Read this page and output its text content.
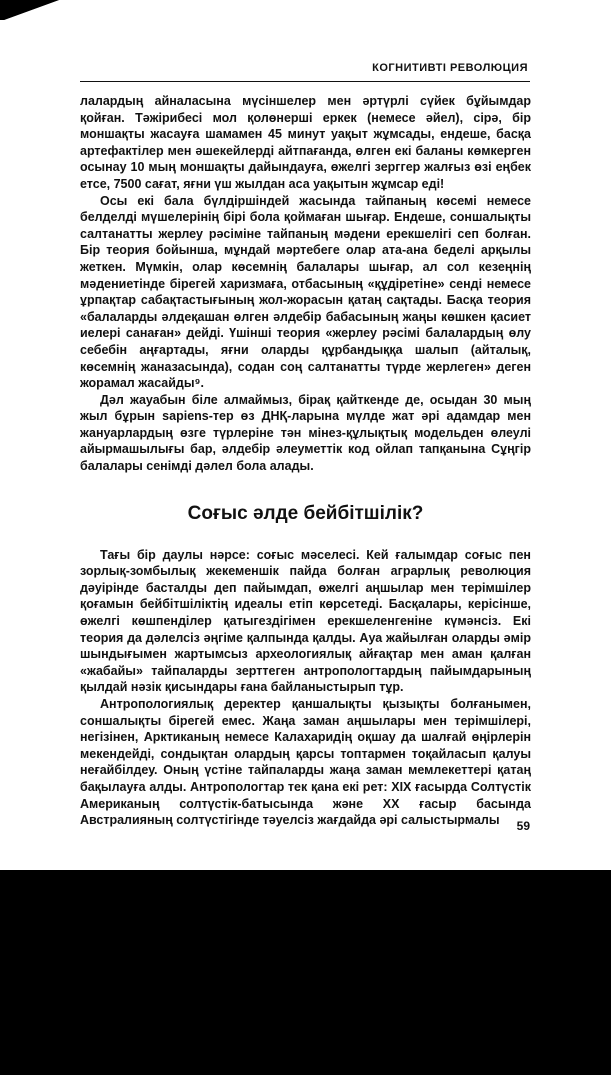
КОГНИТИВТІ РЕВОЛЮЦИЯ

лалардың айналасына мүсіншелер мен әртүрлі сүйек бұйымдар қойған. Тәжірибесі мол қолөнерші еркек (немесе әйел), сірә, бір моншақты жасауға шамамен 45 минут уақыт жұмсады, ендеше, басқа артефактілер мен әшекейлерді айтпағанда, өлген екі баланы көмкерген осынау 10 мың моншақты дайындауға, өжелгі зерггер жалғыз өзі еңбек етсе, 7500 сағат, яғни үш жылдан аса уақытын жұмсар еді!

Осы екі бала бүлдіршіндей жасында тайпаның көсемі немесе белделді мүшелерінің бірі бола қоймаған шығар. Ендеше, соншалықты салтанатты жерлеу рәсіміне тайпаның мәдени ерекшелігі сеп болған. Бір теория бойынша, мұндай мәртебеге олар ата-ана беделі арқылы жеткен. Мүмкін, олар көсемнің балалары шығар, ал сол кезеңнің мәдениетінде бірегей харизмаға, отбасының «құдіретіне» сенді немесе ұрпақтар сабақтастығының жол-жорасын қатаң сақтады. Басқа теория «балаларды әлдеқашан өлген әлдебір бабасының жаңы көшкен қасиет иелері санаған» дейді. Үшінші теория «жерлеу рәсімі балалардың өлу себебін аңғартады, яғни оларды құрбандыққа шалып (айталық, көсемнің жаназасында), содан соң салтанатты түрде жерлеген» деген жорамал жасайды⁹.

Дәл жауабын біле алмаймыз, бірақ қайткенде де, осыдан 30 мың жыл бұрын sapiens-тер өз ДНҚ-ларына мүлде жат әрі адамдар мен жануарлардың өзге түрлеріне тән мінез-құлықтық модельден өлеулі айырмашылығы бар, әлдебір әлеуметтік код ойлап тапқанына Сұңгір балалары сенімді дәлел бола алады.

Соғыс әлде бейбітшілік?

Тағы бір даулы нәрсе: соғыс мәселесі. Кей ғалымдар соғыс пен зорлық-зомбылық жекеменшік пайда болған аграрлық революция дәуірінде басталды деп пайымдап, өжелгі аңшылар мен терімшілер қоғамын бейбітшіліктің идеалы етіп көрсетеді. Басқалары, керісінше, өжелгі көшпенділер қатыгездігімен ерекшеленгеніне күмәнсіз. Екі теория да дәлелсіз әңгіме қалпында қалды. Ауа жайылған оларды әмір шындығымен жартымсыз археологиялық айғақтар мен аман қалған «жабайы» тайпаларды зерттеген антропологтардың пайымдарының қылдай нәзік қисындары ғана байланыстырып тұр.

Антропологиялық деректер қаншалықты қызықты болғанымен, соншалықты бірегей емес. Жаңа заман аңшылары мен терімшілері, негізінен, Арктиканың немесе Калахаридің оқшау да шалғай өңірлерін мекендейді, сондықтан олардың қарсы топтармен тоқайласып қалуы неғайбілдеу. Оның үстіне тайпаларды жаңа заман мемлекеттері қатаң бақылауға алды. Антропологтар тек қана екі рет: XIX ғасырда Солтүстік Американың солтүстік-батысында және XX ғасыр басында Австралияның солтүстігінде тәуелсіз жағдайда әрі салыстырмалы	59
